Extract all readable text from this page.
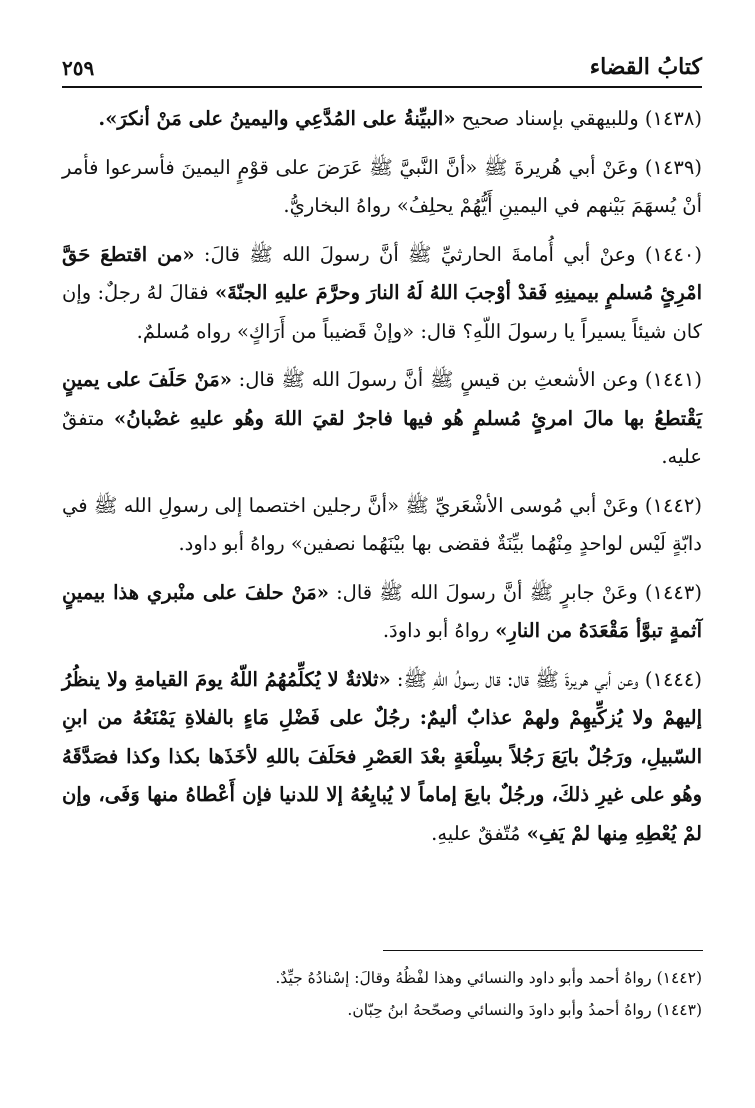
كتابُ القضاء
٢٥٩

(١٤٣٨) وللبيهقي بإسناد صحيح «البيِّنةُ على المُدَّعِي واليمينُ على مَنْ أنكرَ».

(١٤٣٩) وعَنْ أبي هُريرةَ ﷺ «أنَّ النَّبيَّ ﷺ عَرَضَ على قوْمٍ اليمينَ فأسرعوا فأمر أنْ يُسهَمَ بَيْنهم في اليمينِ أَيُّهُمْ يحلِفُ» رواهُ البخاريُّ.

(١٤٤٠) وعنْ أبي أُمامةَ الحارثيِّ ﷺ أنَّ رسولَ الله ﷺ قالَ: «من اقتطعَ حَقَّ امْرِئٍ مُسلمٍ بيمينِهِ فَقدْ أوْجبَ اللهُ لَهُ النارَ وحرَّمَ عليهِ الجنّةَ» فقالَ لهُ رجلٌ: وإن كان شيئاً يسيراً يا رسولَ اللّهِ؟ قال: «وإنْ قَضيباً من أَرَاكٍ» رواه مُسلمٌ.

(١٤٤١) وعن الأشعثِ بن قيسٍ ﷺ أنَّ رسولَ الله ﷺ قال: «مَنْ حَلَفَ على يمينٍ يَقْتطعُ بها مالَ امرئٍ مُسلمٍ هُو فيها فاجرٌ لقيَ اللهَ وهُو عليهِ غضْبانُ» متفقٌ عليه.

(١٤٤٢) وعَنْ أبي مُوسى الأشْعَريِّ ﷺ «أنَّ رجلين اختصما إلى رسولِ الله ﷺ في دابّةٍ لَيْس لواحدٍ مِنْهُما بيِّنَةٌ فقضى بها بيْنَهُما نصفين» رواهُ أبو داود.

(١٤٤٣) وعَنْ جابرٍ ﷺ أنَّ رسولَ الله ﷺ قال: «مَنْ حلفَ على منْبري هذا بيمينٍ آثمةٍ تبوَّأ مَقْعَدَهُ من النارِ» رواهُ أبو داودَ.

(١٤٤٤) وعن أبي هريرةَ ﷺ قال: قال رسولُ اللهِ ﷺ: «ثلاثةٌ لا يُكلِّمُهُمُ اللّهُ يومَ القيامةِ ولا ينظُرُ إليهمْ ولا يُزكِّيهِمْ ولهمْ عذابٌ أليمٌ: رجُلٌ على فَضْلِ مَاءٍ بالفلاةِ يَمْنَعُهُ من ابنِ السّبيلِ، ورَجُلٌ بايَعَ رَجُلاً بسِلْعَةٍ بعْدَ العَصْرِ فحَلَفَ باللهِ لأخَذَها بكذا وكذا فصَدَّقَهُ وهُو على غيرِ ذلكَ، ورجُلٌ بايعَ إماماً لا يُبايِعُهُ إلا للدنيا فإن أَعْطاهُ منها وَفَى، وإن لمْ يُعْطِهِ مِنها لمْ يَفِ» مُتّفقٌ عليهِ.

(١٤٤٢) رواهُ أحمد وأبو داود والنسائي وهذا لفْظُهُ وقالَ: إسْنادُهُ جيِّدٌ.
(١٤٤٣) رواهُ أحمدُ وأبو داودَ والنسائي وصحّحهُ ابنُ حِبّان.
